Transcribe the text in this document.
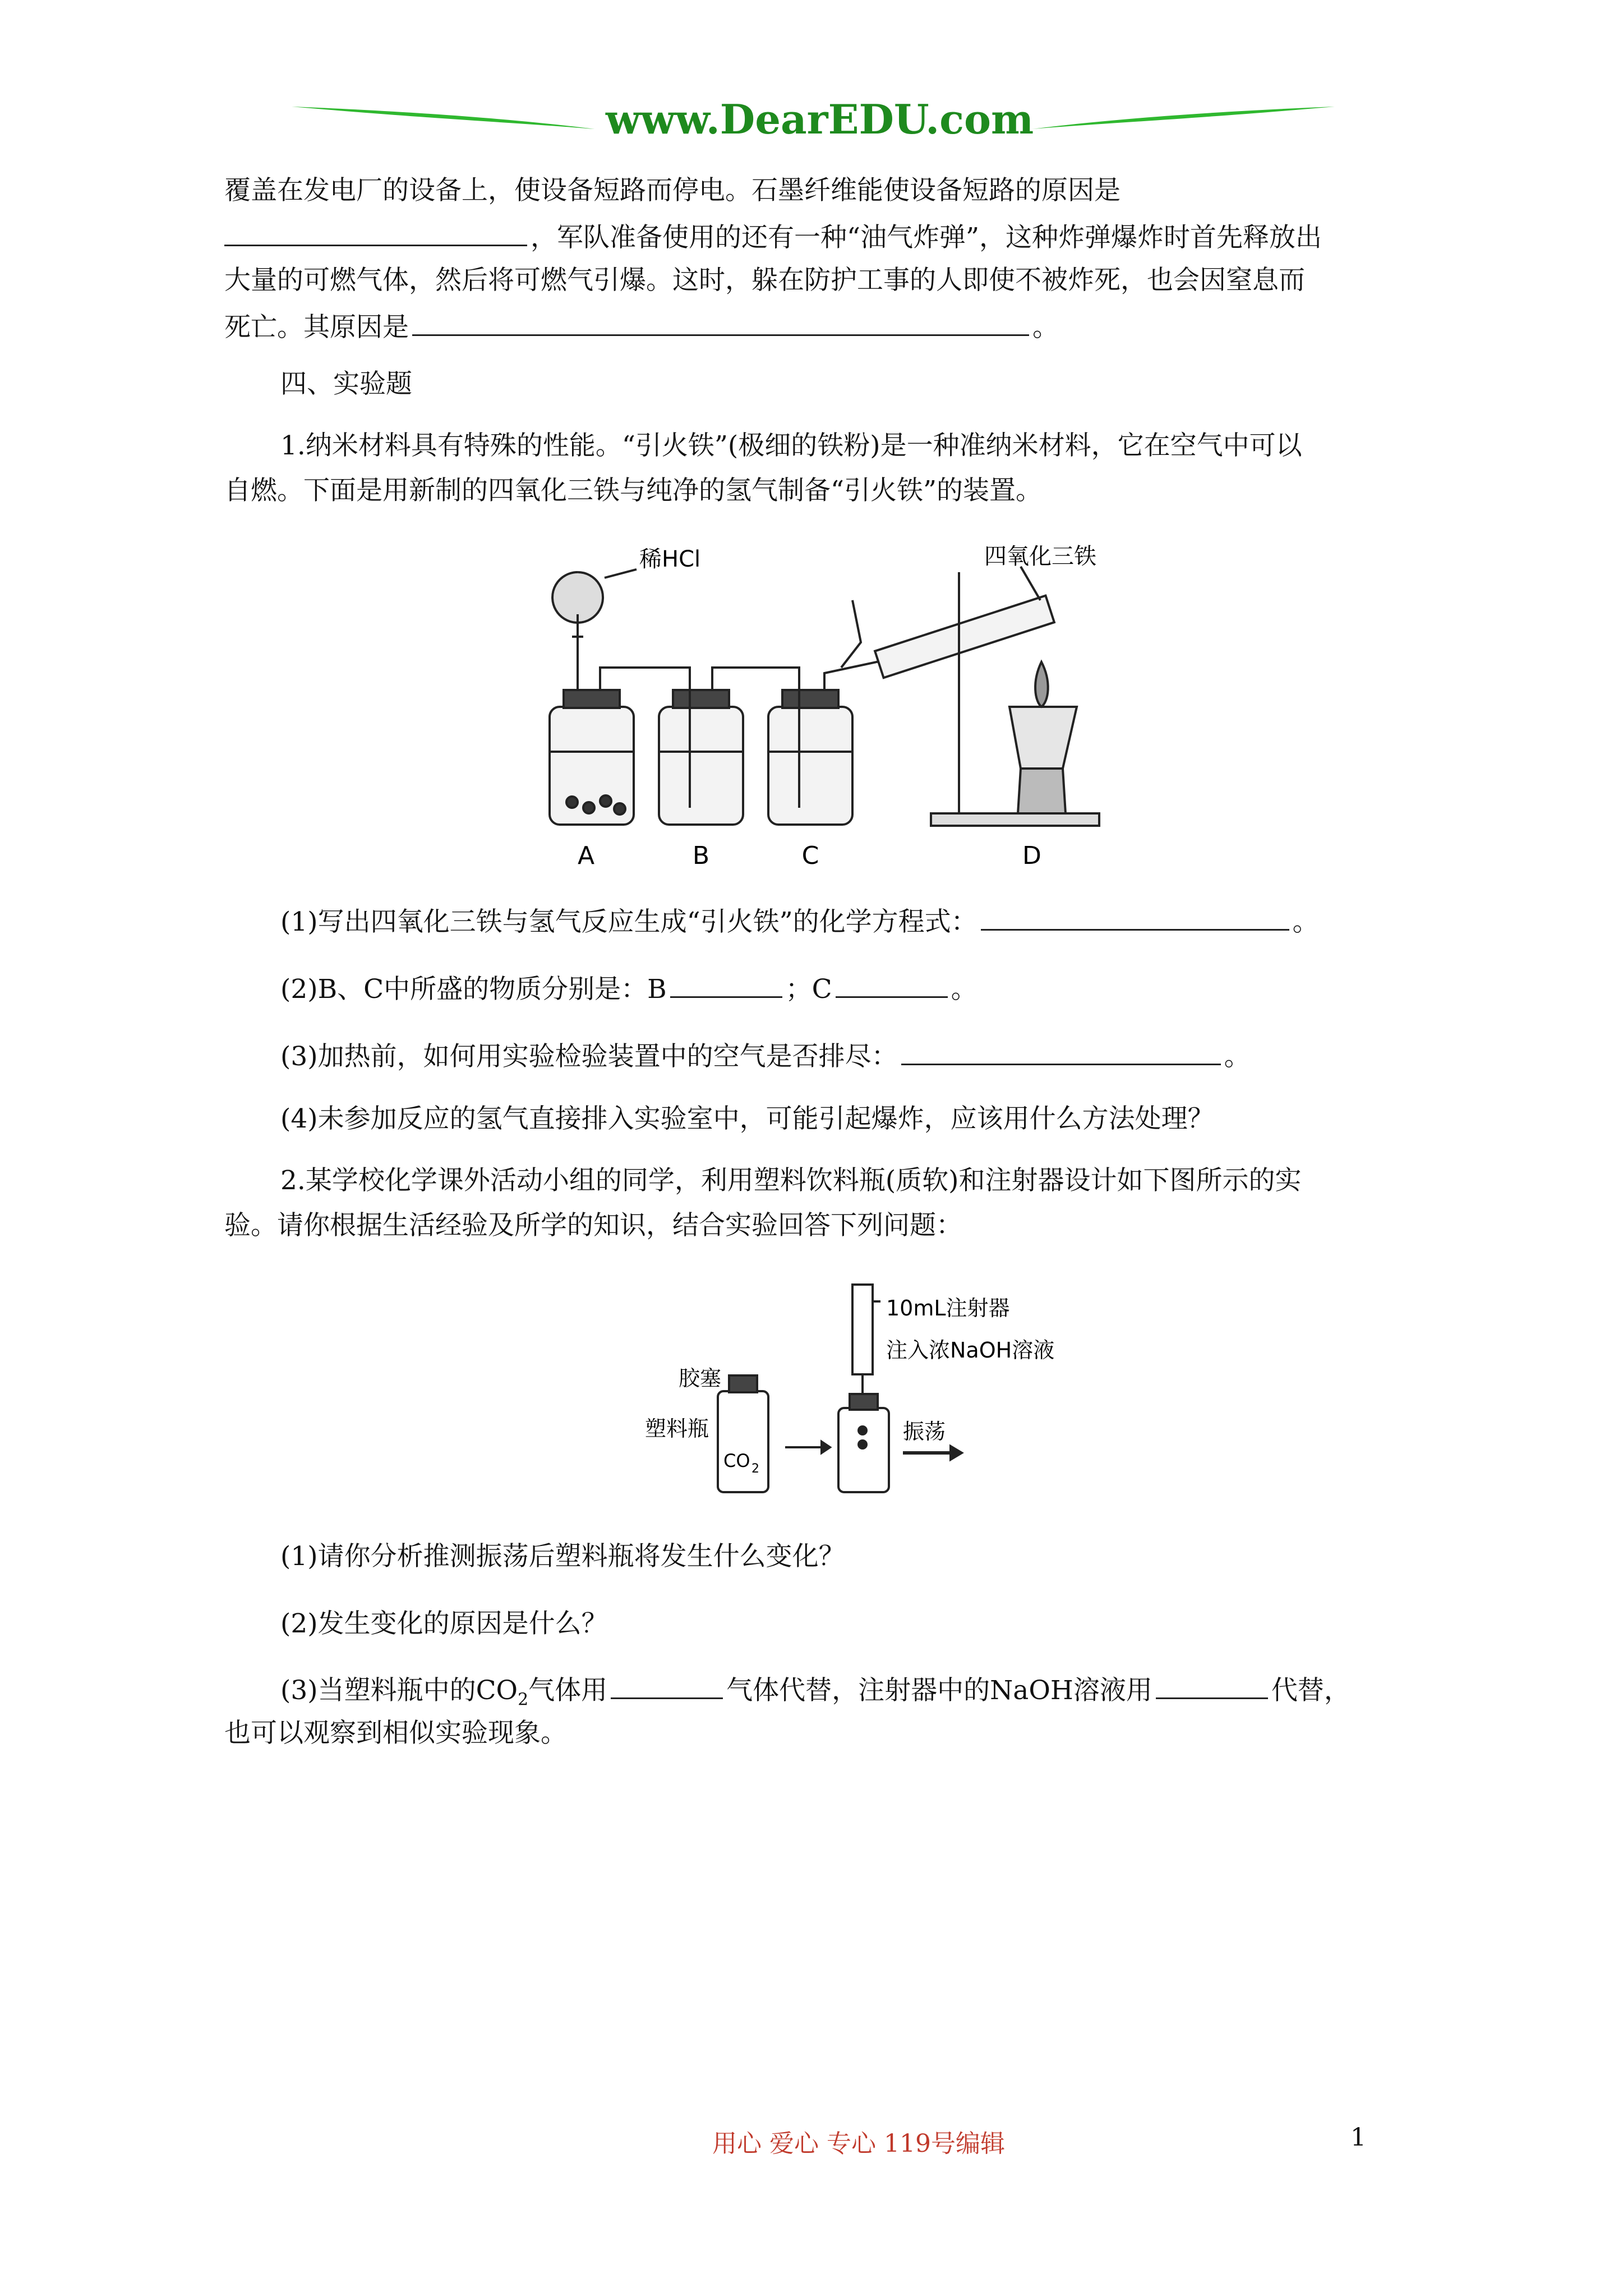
www.DearEDU.com
覆盖在发电厂的设备上，使设备短路而停电。石墨纤维能使设备短路的原因是
，军队准备使用的还有一种“油气炸弹”，这种炸弹爆炸时首先释放出
大量的可燃气体，然后将可燃气引爆。这时，躲在防护工事的人即使不被炸死，也会因窒息而
死亡。其原因是	。
四、实验题
1.纳米材料具有特殊的性能。“引火铁”(极细的铁粉)是一种准纳米材料，它在空气中可以
自燃。下面是用新制的四氧化三铁与纯净的氢气制备“引火铁”的装置。
稀HCl	四氧化三铁
A	B	C	D
(1)写出四氧化三铁与氢气反应生成“引火铁”的化学方程式：	。
(2)B、C中所盛的物质分别是：B	；C	。
(3)加热前，如何用实验检验装置中的空气是否排尽：	。
(4)未参加反应的氢气直接排入实验室中，可能引起爆炸，应该用什么方法处理？
2.某学校化学课外活动小组的同学，利用塑料饮料瓶(质软)和注射器设计如下图所示的实
验。请你根据生活经验及所学的知识，结合实验回答下列问题：
10mL注射器
注入浓NaOH溶液
胶塞
塑料瓶
CO 2
振荡
(1)请你分析推测振荡后塑料瓶将发生什么变化？
(2)发生变化的原因是什么？
(3)当塑料瓶中的$CO_2$气体用	气体代替，注射器中的NaOH溶液用	代替，
也可以观察到相似实验现象。
用心 爱心 专心 119号编辑	1
